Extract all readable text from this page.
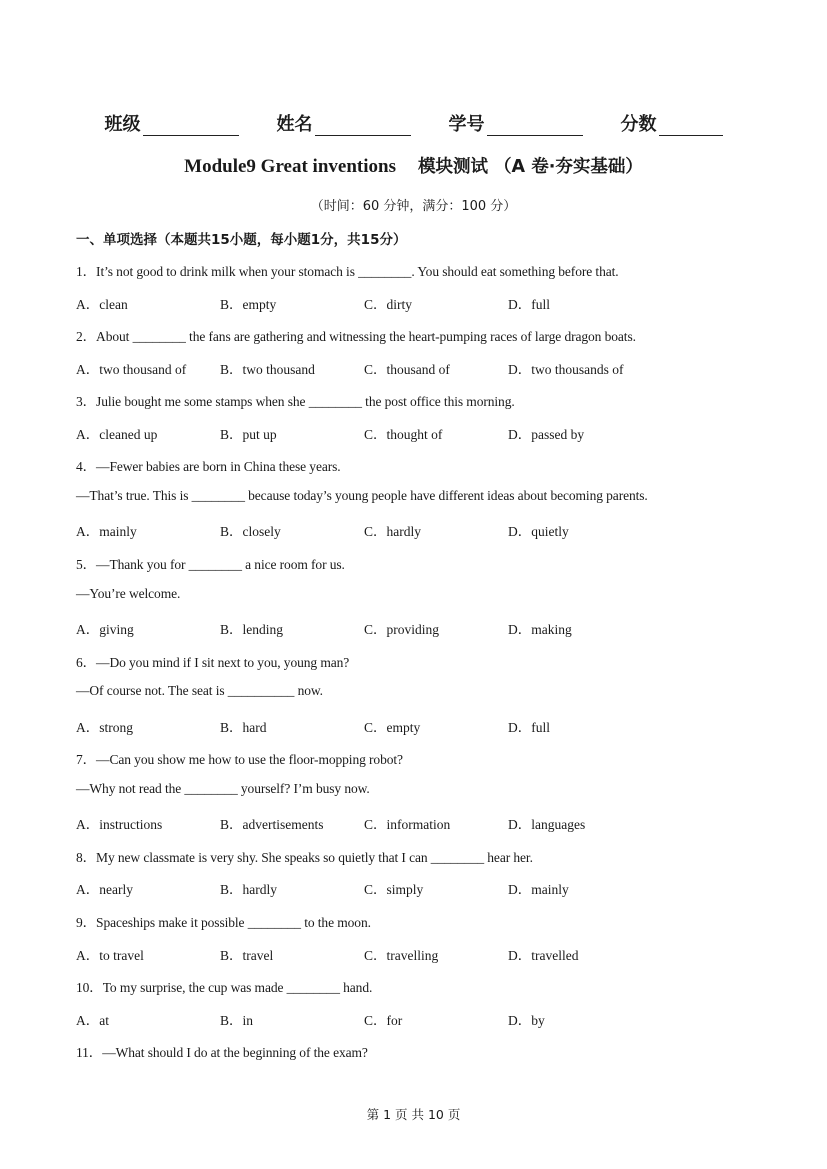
班级	姓名	学号	分数
Module9 Great inventions 模块测试 （A 卷·夯实基础）
（时间：60 分钟，满分：100 分）
一、单项选择（本题共15小题，每小题1分，共15分）
1．It’s not good to drink milk when your stomach is ________. You should eat something before that.
A．clean	B．empty	C．dirty	D．full
2．About ________ the fans are gathering and witnessing the heart-pumping races of large dragon boats.
A．two thousand of	B．two thousand	C．thousand of	D．two thousands of
3．Julie bought me some stamps when she ________ the post office this morning.
A．cleaned up	B．put up	C．thought of	D．passed by
4．—Fewer babies are born in China these years.
—That’s true. This is ________ because today’s young people have different ideas about becoming parents.
A．mainly	B．closely	C．hardly	D．quietly
5．—Thank you for ________ a nice room for us.
—You’re welcome.
A．giving	B．lending	C．providing	D．making
6．—Do you mind if I sit next to you, young man?
—Of course not. The seat is __________ now.
A．strong	B．hard	C．empty	D．full
7．—Can you show me how to use the floor-mopping robot?
—Why not read the ________ yourself? I’m busy now.
A．instructions	B．advertisements	C．information	D．languages
8．My new classmate is very shy. She speaks so quietly that I can ________ hear her.
A．nearly	B．hardly	C．simply	D．mainly
9．Spaceships make it possible ________ to the moon.
A．to travel	B．travel	C．travelling	D．travelled
10．To my surprise, the cup was made ________ hand.
A．at	B．in	C．for	D．by
11．—What should I do at the beginning of the exam?
第 1 页 共 10 页
